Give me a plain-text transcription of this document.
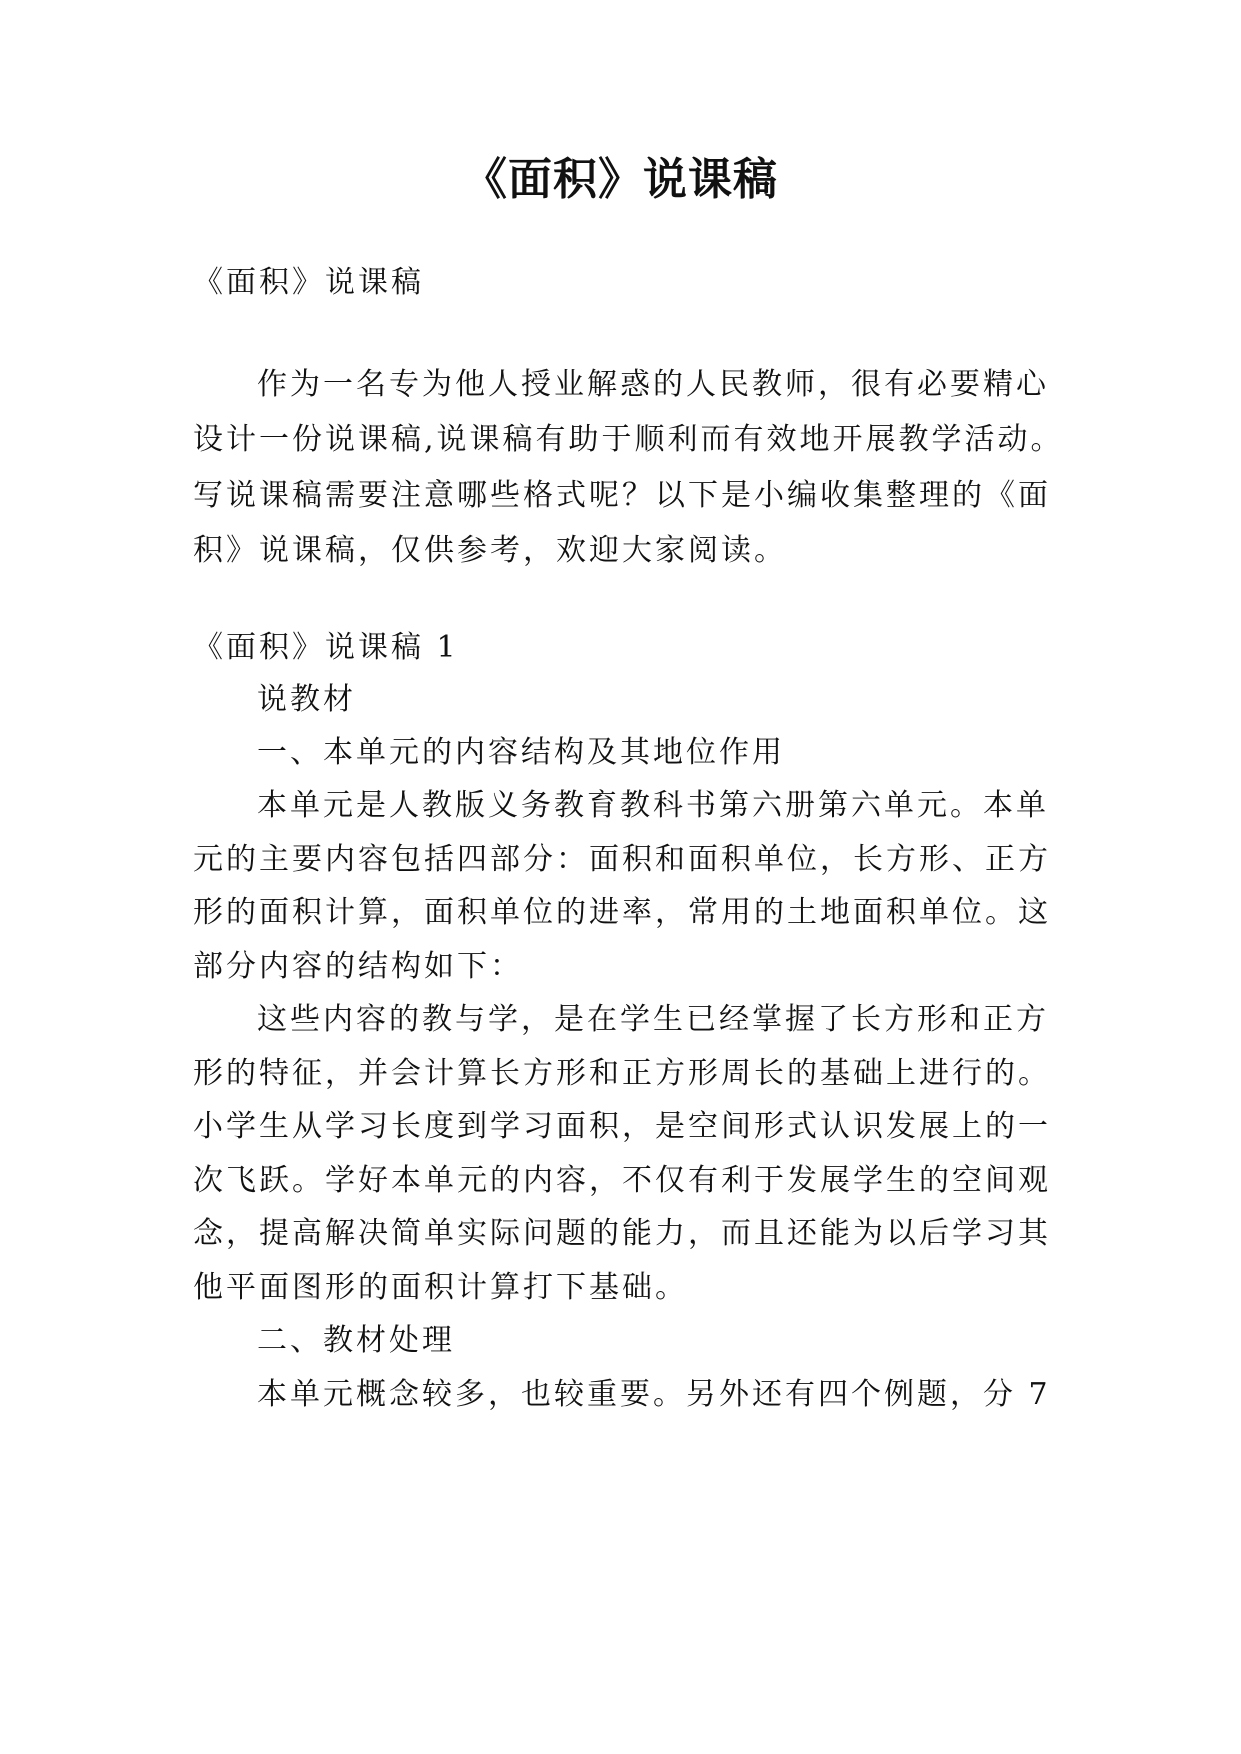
《面积》说课稿
《面积》说课稿
作为一名专为他人授业解惑的人民教师，很有必要精心
设计一份说课稿,说课稿有助于顺利而有效地开展教学活动。
写说课稿需要注意哪些格式呢？以下是小编收集整理的《面
积》说课稿，仅供参考，欢迎大家阅读。
《面积》说课稿 1
说教材
一、本单元的内容结构及其地位作用
本单元是人教版义务教育教科书第六册第六单元。本单
元的主要内容包括四部分：面积和面积单位，长方形、正方
形的面积计算，面积单位的进率，常用的土地面积单位。这
部分内容的结构如下：
这些内容的教与学，是在学生已经掌握了长方形和正方
形的特征，并会计算长方形和正方形周长的基础上进行的。
小学生从学习长度到学习面积，是空间形式认识发展上的一
次飞跃。学好本单元的内容，不仅有利于发展学生的空间观
念，提高解决简单实际问题的能力，而且还能为以后学习其
他平面图形的面积计算打下基础。
二、教材处理
本单元概念较多，也较重要。另外还有四个例题，分 7
